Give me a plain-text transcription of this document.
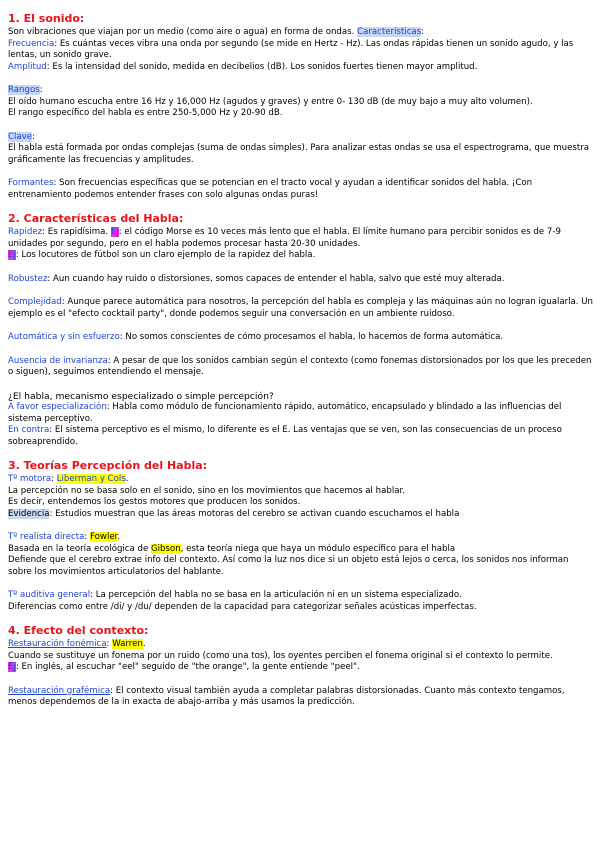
1. El sonido:

Son vibraciones que viajan por un medio (como aire o agua) en forma de ondas. Características:

Frecuencia: Es cuántas veces vibra una onda por segundo (se mide en Hertz - Hz). Las ondas rápidas tienen un sonido agudo, y las lentas, un sonido grave.

Amplitud: Es la intensidad del sonido, medida en decibelios (dB). Los sonidos fuertes tienen mayor amplitud.

Rangos:

El oído humano escucha entre 16 Hz y 16,000 Hz (agudos y graves) y entre 0- 130 dB (de muy bajo a muy alto volumen).

El rango específico del habla es entre 250-5,000 Hz y 20-90 dB.

Clave:

El habla está formada por ondas complejas (suma de ondas simples). Para analizar estas ondas se usa el espectrograma, que muestra gráficamente las frecuencias y amplitudes.

Formantes: Son frecuencias específicas que se potencian en el tracto vocal y ayudan a identificar sonidos del habla. ¡Con entrenamiento podemos entender frases con solo algunas ondas puras!

2. Características del Habla:

Rapidez: Es rapidísima. Ej: el código Morse es 10 veces más lento que el habla. El límite humano para percibir sonidos es de 7-9 unidades por segundo, pero en el habla podemos procesar hasta 20-30 unidades.

Ej: Los locutores de fútbol son un claro ejemplo de la rapidez del habla.

Robustez: Aun cuando hay ruido o distorsiones, somos capaces de entender el habla, salvo que esté muy alterada.

Complejidad: Aunque parece automática para nosotros, la percepción del habla es compleja y las máquinas aún no logran igualarla. Un ejemplo es el "efecto cocktail party", donde podemos seguir una conversación en un ambiente ruidoso.

Automática y sin esfuerzo: No somos conscientes de cómo procesamos el habla, lo hacemos de forma automática.

Ausencia de invarianza: A pesar de que los sonidos cambian según el contexto (como fonemas distorsionados por los que les preceden o siguen), seguimos entendiendo el mensaje.

¿El habla, mecanismo especializado o simple percepción?

A favor especialización: Habla como módulo de funcionamiento rápido, automático, encapsulado y blindado a las influencias del sistema perceptivo.

En contra: El sistema perceptivo es el mismo, lo diferente es el E. Las ventajas que se ven, son las consecuencias de un proceso sobreaprendido.

3. Teorías Percepción del Habla:

Tº motora: Liberman y Cols.

La percepción no se basa solo en el sonido, sino en los movimientos que hacemos al hablar.

Es decir, entendemos los gestos motores que producen los sonidos.

Evidencia: Estudios muestran que las áreas motoras del cerebro se activan cuando escuchamos el habla

Tº realista directa: Fowler.

Basada en la teoría ecológica de Gibson, esta teoría niega que haya un módulo específico para el habla

Defiende que el cerebro extrae info del contexto. Así como la luz nos dice si un objeto está lejos o cerca, los sonidos nos informan sobre los movimientos articulatorios del hablante.

Tº auditiva general: La percepción del habla no se basa en la articulación ni en un sistema especializado.

Diferencias como entre /di/ y /du/ dependen de la capacidad para categorizar señales acústicas imperfectas.

4. Efecto del contexto:

Restauración fonémica: Warren.

Cuando se sustituye un fonema por un ruido (como una tos), los oyentes perciben el fonema original si el contexto lo permite.

Ej: En inglés, al escuchar "eel" seguido de "the orange", la gente entiende "peel".

Restauración grafémica: El contexto visual también ayuda a completar palabras distorsionadas. Cuanto más contexto tengamos, menos dependemos de la in exacta de abajo-arriba y más usamos la predicción.
